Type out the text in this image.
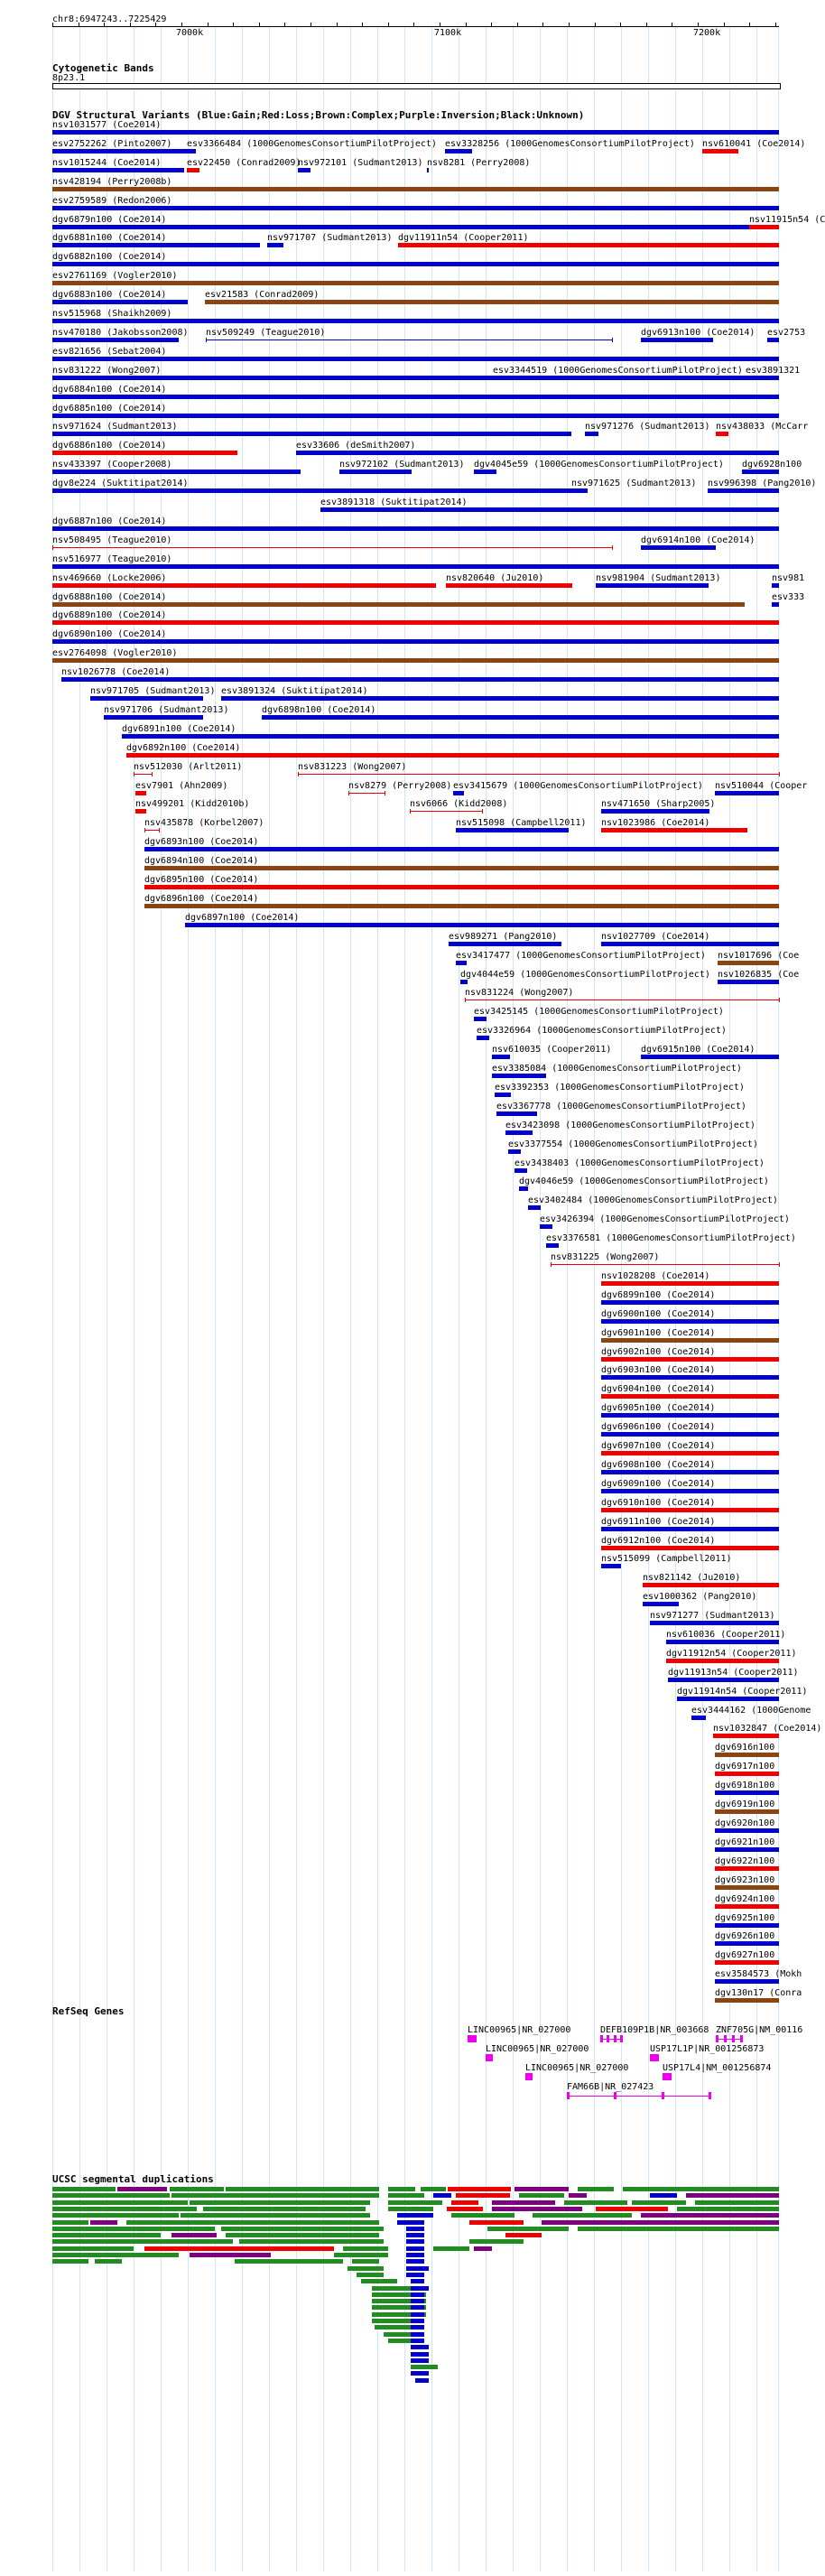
chr8:6947243..7225429
7000k	7100k	7200k
Cytogenetic Bands
8p23.1
DGV Structural Variants (Blue:Gain;Red:Loss;Brown:Complex;Purple:Inversion;Black:Unknown)
nsv1031577 (Coe2014)
esv2752262 (Pinto2007) esv3366484 (1000GenomesConsortiumPilotProject) esv3328256 (1000GenomesConsortiumPilotProject) nsv610041 (Coe2014)
nsv1015244 (Coe2014)	esv22450 (Conrad2009)
nsv972101 (Sudmant2013) nsv8281 (Perry2008)
nsv428194 (Perry2008b)
esv2759589 (Redon2006)
dgv6879n100 (Coe2014)	nsv11915n54 (C
dgv6881n100 (Coe2014)	nsv971707 (Sudmant2013) dgv11911n54 (Cooper2011)
dgv6882n100 (Coe2014)
esv2761169 (Vogler2010)
dgv6883n100 (Coe2014)	esv21583 (Conrad2009)
nsv515968 (Shaikh2009)
nsv470180 (Jakobsson2008) nsv509249 (Teague2010)	dgv6913n100 (Coe2014) esv2753
esv821656 (Sebat2004)
nsv831222 (Wong2007)	esv3344519 (1000GenomesConsortiumPilotProject) esv3891321
dgv6884n100 (Coe2014)
dgv6885n100 (Coe2014)
nsv971624 (Sudmant2013)	nsv971276 (Sudmant2013) nsv438033 (McCarr
dgv6886n100 (Coe2014)	esv33606 (deSmith2007)
nsv433397 (Cooper2008)	nsv972102 (Sudmant2013) dgv4045e59 (1000GenomesConsortiumPilotProject) dgv6928n100
dgv8e224 (Suktitipat2014)	nsv971625 (Sudmant2013) nsv996398 (Pang2010)
esv3891318 (Suktitipat2014)
dgv6887n100 (Coe2014)
nsv508495 (Teague2010)	dgv6914n100 (Coe2014)
nsv516977 (Teague2010)
nsv469660 (Locke2006)	nsv820640 (Ju2010)	nsv981904 (Sudmant2013)	nsv981
dgv6888n100 (Coe2014)	esv333
dgv6889n100 (Coe2014)
dgv6890n100 (Coe2014)
esv2764098 (Vogler2010)
nsv1026778 (Coe2014)
nsv971705 (Sudmant2013) esv3891324 (Suktitipat2014)
nsv971706 (Sudmant2013)	dgv6898n100 (Coe2014)
dgv6891n100 (Coe2014)
dgv6892n100 (Coe2014)
nsv512030 (Arlt2011)	nsv831223 (Wong2007)
esv7901 (Ahn2009)	nsv8279 (Perry2008) esv3415679 (1000GenomesConsortiumPilotProject) nsv510044 (Cooper
nsv499201 (Kidd2010b)	nsv6066 (Kidd2008)	nsv471650 (Sharp2005)
nsv435878 (Korbel2007)	nsv515098 (Campbell2011) nsv1023986 (Coe2014)
dgv6893n100 (Coe2014)
dgv6894n100 (Coe2014)
dgv6895n100 (Coe2014)
dgv6896n100 (Coe2014)
dgv6897n100 (Coe2014)
esv989271 (Pang2010)	nsv1027709 (Coe2014)
esv3417477 (1000GenomesConsortiumPilotProject) nsv1017696 (Coe
dgv4044e59 (1000GenomesConsortiumPilotProject) nsv1026835 (Coe
nsv831224 (Wong2007)
esv3425145 (1000GenomesConsortiumPilotProject)
esv3326964 (1000GenomesConsortiumPilotProject)
nsv610035 (Cooper2011)	dgv6915n100 (Coe2014)
esv3385084 (1000GenomesConsortiumPilotProject)
esv3392353 (1000GenomesConsortiumPilotProject)
esv3367778 (1000GenomesConsortiumPilotProject)
esv3423098 (1000GenomesConsortiumPilotProject)
esv3377554 (1000GenomesConsortiumPilotProject)
esv3438403 (1000GenomesConsortiumPilotProject)
dgv4046e59 (1000GenomesConsortiumPilotProject)
esv3402484 (1000GenomesConsortiumPilotProject)
esv3426394 (1000GenomesConsortiumPilotProject)
esv3376581 (1000GenomesConsortiumPilotProject)
nsv831225 (Wong2007)
nsv1028208 (Coe2014)
dgv6899n100 (Coe2014)
dgv6900n100 (Coe2014)
dgv6901n100 (Coe2014)
dgv6902n100 (Coe2014)
dgv6903n100 (Coe2014)
dgv6904n100 (Coe2014)
dgv6905n100 (Coe2014)
dgv6906n100 (Coe2014)
dgv6907n100 (Coe2014)
dgv6908n100 (Coe2014)
dgv6909n100 (Coe2014)
dgv6910n100 (Coe2014)
dgv6911n100 (Coe2014)
dgv6912n100 (Coe2014)
nsv515099 (Campbell2011)
nsv821142 (Ju2010)
esv1000362 (Pang2010)
nsv971277 (Sudmant2013)
nsv610036 (Cooper2011)
dgv11912n54 (Cooper2011)
dgv11913n54 (Cooper2011)
dgv11914n54 (Cooper2011)
esv3444162 (1000Genome
nsv1032847 (Coe2014)
dgv6916n100
dgv6917n100
dgv6918n100
dgv6919n100
dgv6920n100
dgv6921n100
dgv6922n100
dgv6923n100
dgv6924n100
dgv6925n100
dgv6926n100
dgv6927n100
esv3584573 (Mokh
dgv130n17 (Conra
RefSeq Genes
LINC00965|NR_027000	DEFB109P1B|NR_003668 ZNF705G|NM_00116
LINC00965|NR_027000	USP17L1P|NR_001256873
LINC00965|NR_027000	USP17L4|NM_001256874
FAM66B|NR_027423
UCSC segmental duplications
